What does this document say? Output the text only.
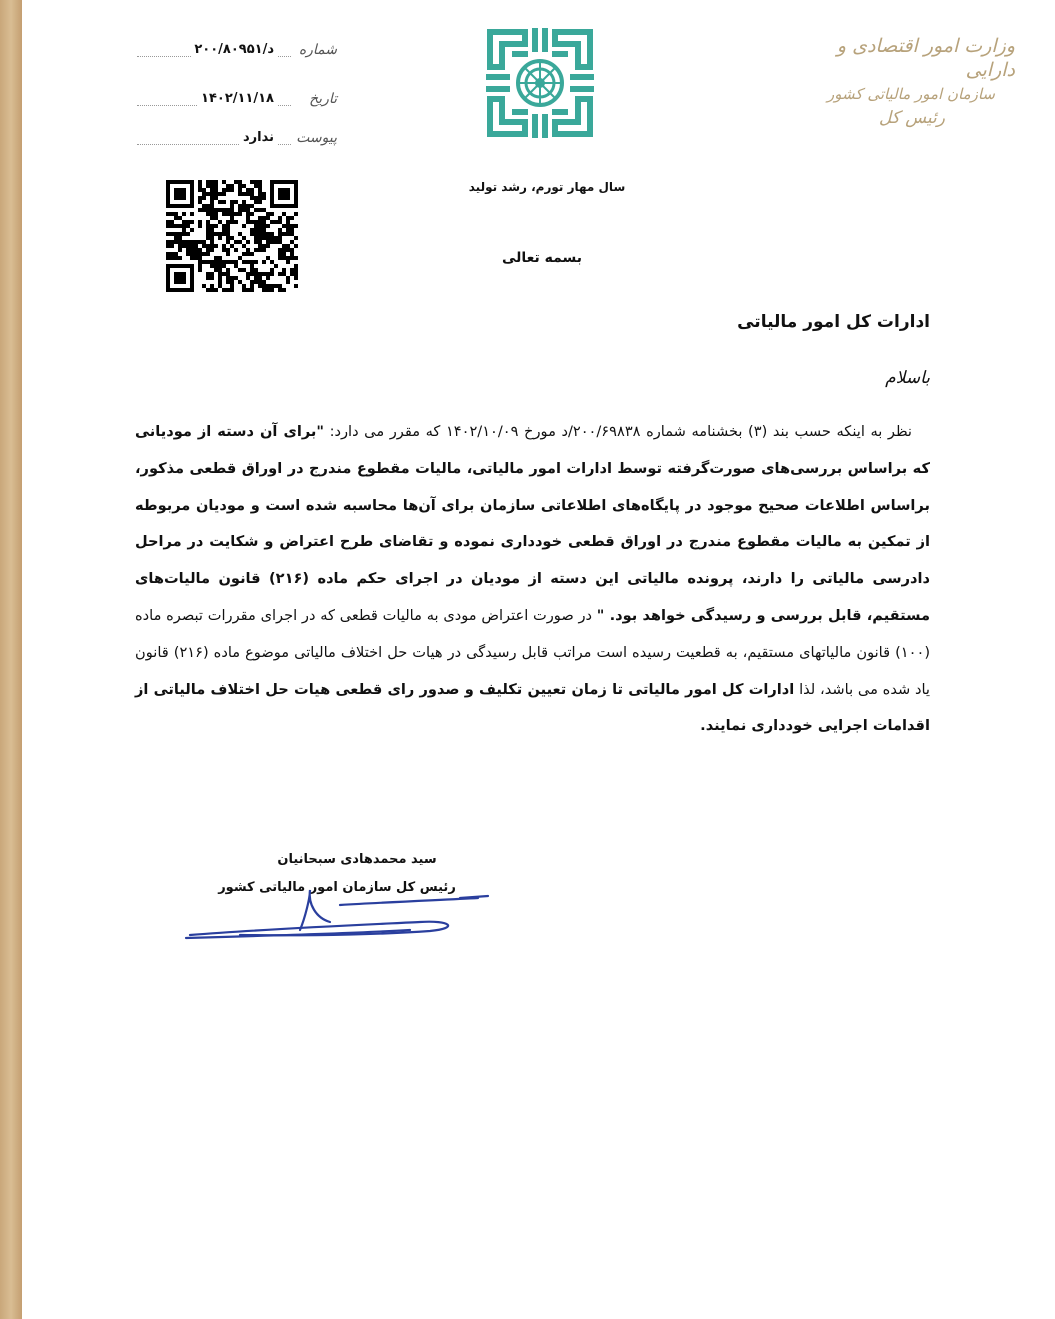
وزارت امور اقتصادی و دارایی
سازمان امور مالیاتی کشور
رئیس کل
شماره
د/۲۰۰/۸۰۹۵۱
تاریخ
۱۴۰۲/۱۱/۱۸
پیوست
ندارد
سال مهار تورم، رشد تولید
بسمه تعالی
ادارات کل امور مالیاتی
باسلام
نظر به اینکه حسب بند (۳) بخشنامه شماره ۲۰۰/۶۹۸۳۸/د مورخ ۱۴۰۲/۱۰/۰۹ که مقرر می دارد: "برای آن دسته از مودیانی که براساس بررسی‌های صورت‌گرفته توسط ادارات امور مالیاتی، مالیات مقطوع مندرج در اوراق قطعی مذکور، براساس اطلاعات صحیح موجود در پایگاه‌های اطلاعاتی سازمان برای آن‌ها محاسبه شده است و مودیان مربوطه از تمکین به مالیات مقطوع مندرج در اوراق قطعی خودداری نموده و تقاضای طرح اعتراض و شکایت در مراحل دادرسی مالیاتی را دارند، پرونده مالیاتی این دسته از مودیان در اجرای حکم ماده (۲۱۶) قانون مالیات‌های مستقیم، قابل بررسی و رسیدگی خواهد بود. " در صورت اعتراض مودی به مالیات قطعی که در اجرای مقررات تبصره ماده (۱۰۰) قانون مالیاتهای مستقیم، به قطعیت رسیده است مراتب قابل رسیدگی در هیات حل اختلاف مالیاتی موضوع ماده (۲۱۶) قانون یاد شده می باشد، لذا ادارات کل امور مالیاتی تا زمان تعیین تکلیف و صدور رای قطعی هیات حل اختلاف مالیاتی از اقدامات اجرایی خودداری نمایند.
سید محمدهادی سبحانیان
رئیس کل سازمان امور مالیاتی کشور
